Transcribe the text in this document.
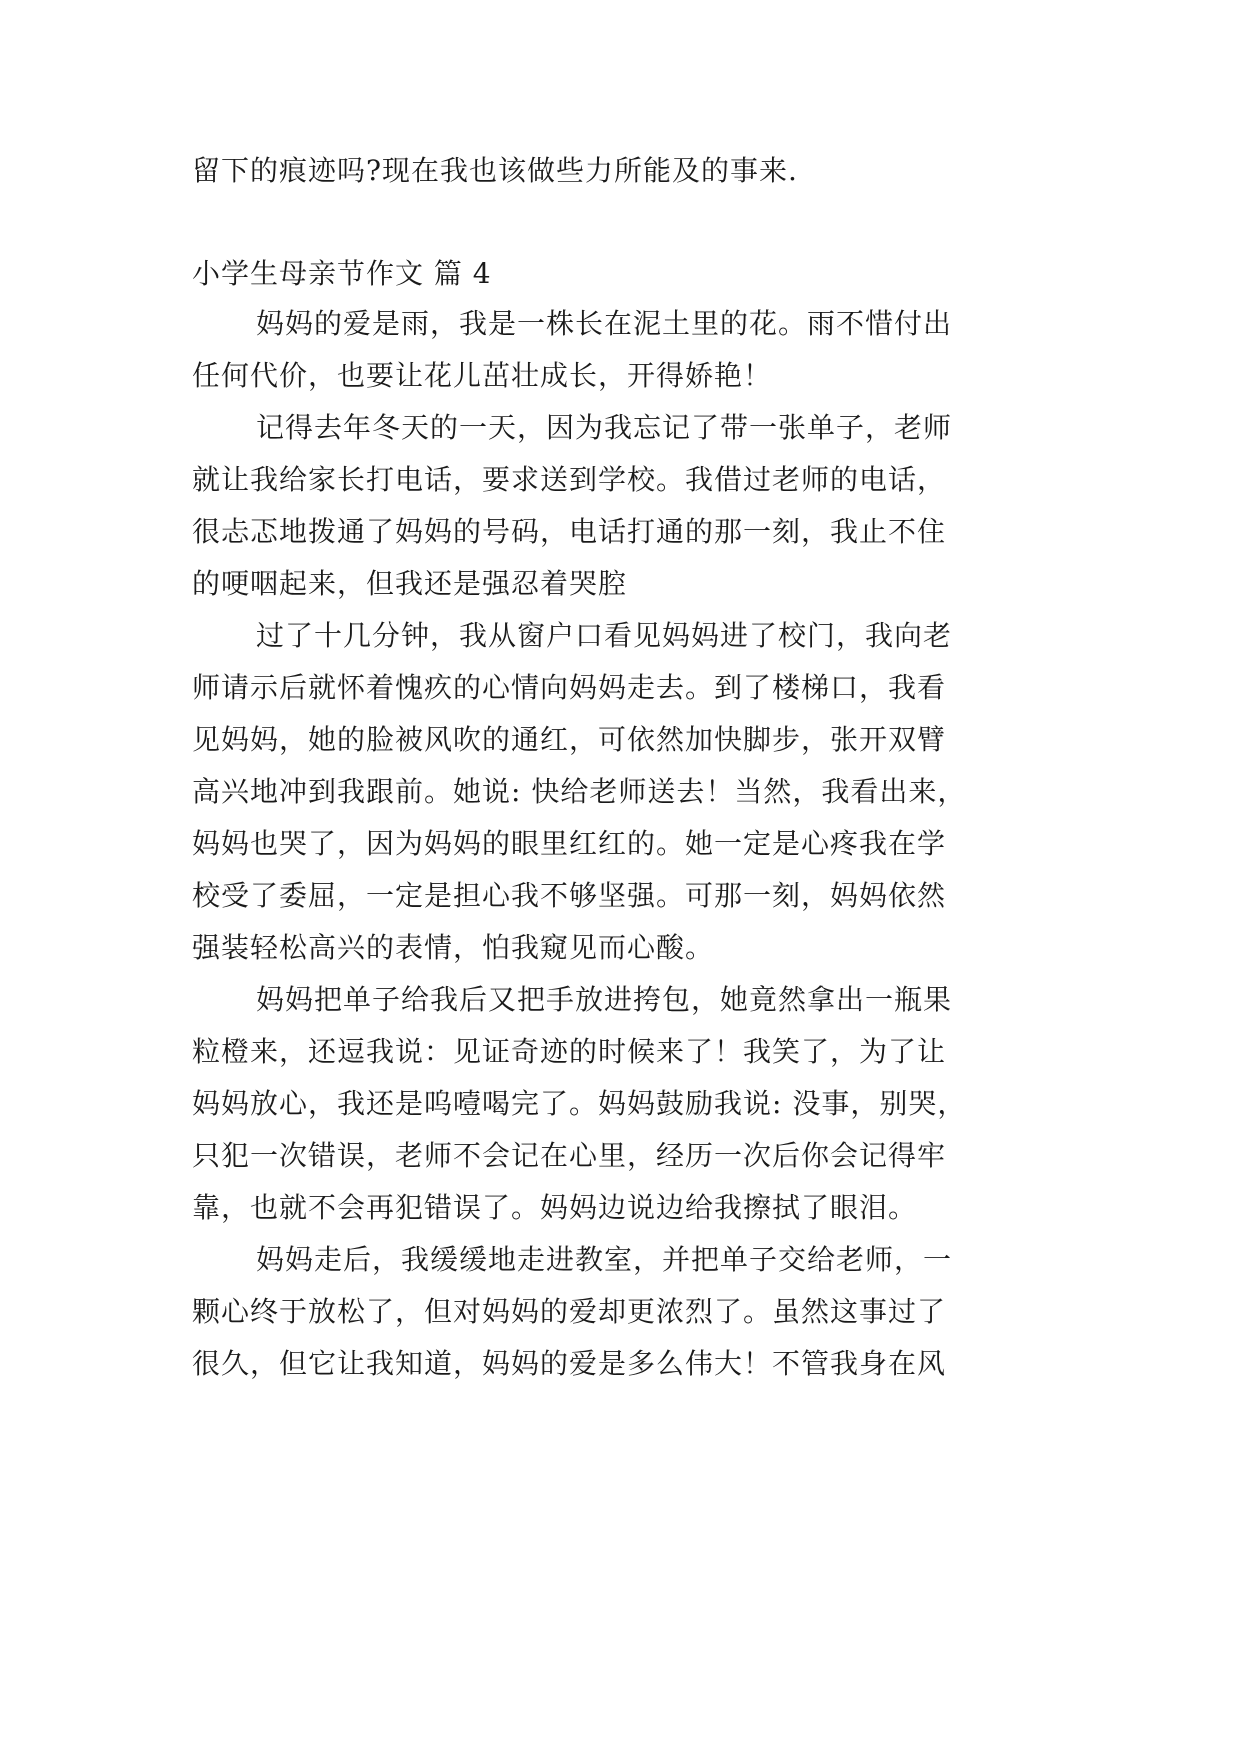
留下的痕迹吗?现在我也该做些力所能及的事来.
小学生母亲节作文 篇 4
妈妈的爱是雨，我是一株长在泥土里的花。雨不惜付出
任何代价，也要让花儿茁壮成长，开得娇艳！
记得去年冬天的一天，因为我忘记了带一张单子，老师
就让我给家长打电话，要求送到学校。我借过老师的电话，
很忐忑地拨通了妈妈的号码，电话打通的那一刻，我止不住
的哽咽起来，但我还是强忍着哭腔
过了十几分钟，我从窗户口看见妈妈进了校门，我向老
师请示后就怀着愧疚的心情向妈妈走去。到了楼梯口，我看
见妈妈，她的脸被风吹的通红，可依然加快脚步，张开双臂
高兴地冲到我跟前。她说: 快给老师送去！当然，我看出来，
妈妈也哭了，因为妈妈的眼里红红的。她一定是心疼我在学
校受了委屈，一定是担心我不够坚强。可那一刻，妈妈依然
强装轻松高兴的表情，怕我窥见而心酸。
妈妈把单子给我后又把手放进挎包，她竟然拿出一瓶果
粒橙来，还逗我说：见证奇迹的时候来了！我笑了，为了让
妈妈放心，我还是呜噎喝完了。妈妈鼓励我说: 没事，别哭，
只犯一次错误，老师不会记在心里，经历一次后你会记得牢
靠，也就不会再犯错误了。妈妈边说边给我擦拭了眼泪。
妈妈走后，我缓缓地走进教室，并把单子交给老师，一
颗心终于放松了，但对妈妈的爱却更浓烈了。虽然这事过了
很久，但它让我知道，妈妈的爱是多么伟大！不管我身在风
